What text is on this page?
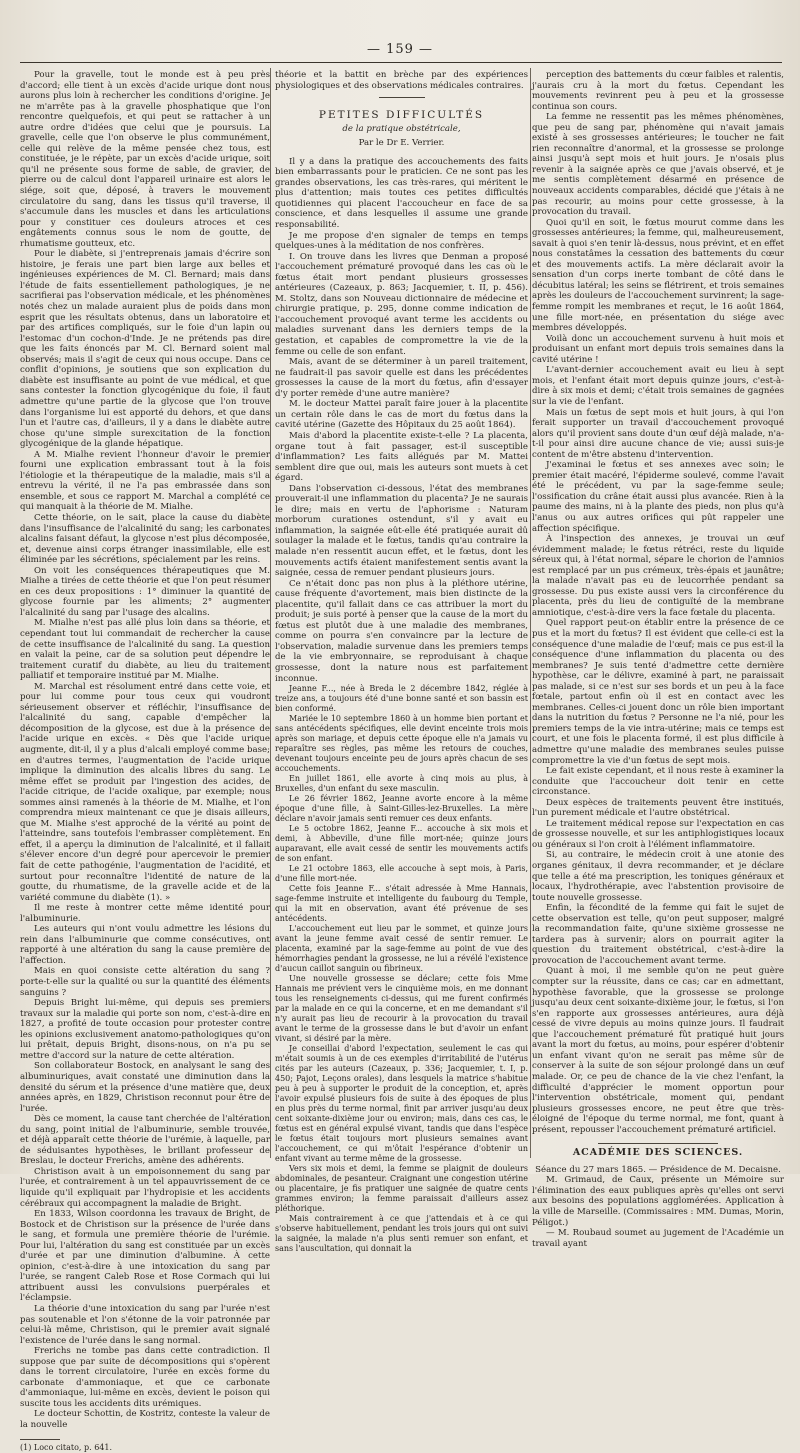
— 159 —

Pour la gravelle, tout le monde est à peu près d'accord; elle tient à un excès d'acide urique dont nous aurons plus loin à rechercher les conditions d'origine. Je ne m'arrête pas à la gravelle phosphatique que l'on rencontre quelquefois, et qui peut se rattacher à un autre ordre d'idées que celui que je poursuis. La gravelle, celle que l'on observe le plus communément, celle qui relève de la même pensée chez tous, est constituée, je le répète, par un excès d'acide urique, soit qu'il ne présente sous forme de sable, de gravier, de pierre ou de calcul dont l'appareil urinaire est alors le siége, soit que, déposé, à travers le mouvement circulatoire du sang, dans les tissus qu'il traverse, il s'accumule dans les muscles et dans les articulations pour y constituer ces douleurs atroces et ces engâtements connus sous le nom de goutte, de rhumatisme goutteux, etc.

Pour le diabète, si j'entreprenais jamais d'écrire son histoire, je ferais une part bien large aux belles et ingénieuses expériences de M. Cl. Bernard; mais dans l'étude de faits essentiellement pathologiques, je ne sacrifierai pas l'observation médicale, et les phénomènes notés chez un malade auraient plus de poids dans mon esprit que les résultats obtenus, dans un laboratoire et par des artifices compliqués, sur le foie d'un lapin ou l'estomac d'un cochon-d'Inde. Je ne prétends pas dire que les faits énoncés par M. Cl. Bernard soient mal observés; mais il s'agit de ceux qui nous occupe. Dans ce conflit d'opinions, je soutiens que son explication du diabète est insuffisante au point de vue médical, et que sans contester la fonction glycogénique du foie, il faut admettre qu'une partie de la glycose que l'on trouve dans l'organisme lui est apporté du dehors, et que dans l'un et l'autre cas, d'ailleurs, il y a dans le diabète autre chose qu'une simple surexcitation de la fonction glycogénique de la glande hépatique.

A M. Mialhe revient l'honneur d'avoir le premier fourni une explication embrassant tout à la fois l'étiologie et la thérapeutique de la maladie, mais s'il a entrevu la vérité, il ne l'a pas embrassée dans son ensemble, et sous ce rapport M. Marchal a complété ce qui manquait à la théorie de M. Mialhe.

Cette théorie, on le sait, place la cause du diabète dans l'insuffisance de l'alcalinité du sang; les carbonates alcalins faisant défaut, la glycose n'est plus décomposée, et, devenue ainsi corps étranger inassimilable, elle est éliminée par les sécrétions, spécialement par les reins.

On voit les conséquences thérapeutiques que M. Mialhe a tirées de cette théorie et que l'on peut résumer en ces deux propositions : 1° diminuer la quantité de glycose fournie par les aliments; 2° augmenter l'alcalinité du sang par l'usage des alcalins.

M. Mialhe n'est pas allé plus loin dans sa théorie, et cependant tout lui commandait de rechercher la cause de cette insuffisance de l'alcalinité du sang. La question en valait la peine, car de sa solution peut dépendre le traitement curatif du diabète, au lieu du traitement palliatif et temporaire institué par M. Mialhe.

M. Marchal est résolument entré dans cette voie, et pour lui comme pour tous ceux qui voudront sérieusement observer et réfléchir, l'insuffisance de l'alcalinité du sang, capable d'empêcher la décomposition de la glycose, est due à la présence de l'acide urique en excès. « Dès que l'acide urique augmente, dit-il, il y a plus d'alcali employé comme base; en d'autres termes, l'augmentation de l'acide urique implique la diminution des alcalis libres du sang. Le même effet se produit par l'ingestion des acides, de l'acide citrique, de l'acide oxalique, par exemple; nous sommes ainsi ramenés à la théorie de M. Mialhe, et l'on comprendra mieux maintenant ce que je disais ailleurs, que M. Mialhe s'est approché de la vérité au point de l'atteindre, sans toutefois l'embrasser complètement. En effet, il a aperçu la diminution de l'alcalinité, et il fallait s'élever encore d'un degré pour apercevoir le premier fait de cette pathogénie, l'augmentation de l'acidité, et surtout pour reconnaître l'identité de nature de la goutte, du rhumatisme, de la gravelle acide et de la variété commune du diabète (1). »

Il me reste à montrer cette même identité pour l'albuminurie.

Les auteurs qui n'ont voulu admettre les lésions du rein dans l'albuminurie que comme consécutives, ont rapporté à une altération du sang la cause première de l'affection.

Mais en quoi consiste cette altération du sang ? porte-t-elle sur la qualité ou sur la quantité des éléments sanguins ?

Depuis Bright lui-même, qui depuis ses premiers travaux sur la maladie qui porte son nom, c'est-à-dire en 1827, a profité de toute occasion pour protester contre les opinions exclusivement anatomo-pathologiques qu'on lui prêtait, depuis Bright, disons-nous, on n'a pu se mettre d'accord sur la nature de cette altération.

Son collaborateur Bostock, en analysant le sang des albuminuriques, avait constaté une diminution dans la densité du sérum et la présence d'une matière que, deux années après, en 1829, Christison reconnut pour être de l'urée.

Dès ce moment, la cause tant cherchée de l'altération du sang, point initial de l'albuminurie, semble trouvée, et déjà apparaît cette théorie de l'urémie, à laquelle, par de séduisantes hypothèses, le brillant professeur de Breslau, le docteur Frerichs, amène des adhérents.

Christison avait à un empoisonnement du sang par l'urée, et contrairement à un tel appauvrissement de ce liquide qu'il expliquait par l'hydropisie et les accidents cérébraux qui accompagnent la maladie de Bright.

En 1833, Wilson coordonna les travaux de Bright, de Bostock et de Christison sur la présence de l'urée dans le sang, et formula une première théorie de l'urémie. Pour lui, l'altération du sang est constituée par un excès d'urée et par une diminution d'albumine. À cette opinion, c'est-à-dire à une intoxication du sang par l'urée, se rangent Caleb Rose et Rose Cormach qui lui attribuent aussi les convulsions puerpérales et l'éclampsie.

La théorie d'une intoxication du sang par l'urée n'est pas soutenable et l'on s'étonne de la voir patronnée par celui-là même, Christison, qui le premier avait signalé l'existence de l'urée dans le sang normal.

Frerichs ne tombe pas dans cette contradiction. Il suppose que par suite de décompositions qui s'opèrent dans le torrent circulatoire, l'urée en excès forme du carbonate d'ammoniaque, et que ce carbonate d'ammoniaque, lui-même en excès, devient le poison qui suscite tous les accidents dits urémiques.

Le docteur Schottin, de Kostritz, conteste la valeur de la nouvelle

(1) Loco citato, p. 641.

théorie et la battit en brèche par des expériences physiologiques et des observations médicales contraires.

PETITES DIFFICULTÉS
de la pratique obstétricale,
Par le Dr E. Verrier.

Il y a dans la pratique des accouchements des faits bien embarrassants pour le praticien. Ce ne sont pas les grandes observations, les cas très-rares, qui méritent le plus d'attention; mais toutes ces petites difficultés quotidiennes qui placent l'accoucheur en face de sa conscience, et dans lesquelles il assume une grande responsabilité.

Je me propose d'en signaler de temps en temps quelques-unes à la méditation de nos confrères.

I. On trouve dans les livres que Denman a proposé l'accouchement prématuré provoqué dans les cas où le fœtus était mort pendant plusieurs grossesses antérieures (Cazeaux, p. 863; Jacquemier, t. II, p. 456). M. Stoltz, dans son Nouveau dictionnaire de médecine et chirurgie pratique, p. 295, donne comme indication de l'accouchement provoqué avant terme les accidents ou maladies survenant dans les derniers temps de la gestation, et capables de compromettre la vie de la femme ou celle de son enfant.

Mais, avant de se déterminer à un pareil traitement, ne faudrait-il pas savoir quelle est dans les précédentes grossesses la cause de la mort du fœtus, afin d'essayer d'y porter remède d'une autre manière?

M. le docteur Mattei paraît faire jouer à la placentite un certain rôle dans le cas de mort du fœtus dans la cavité utérine (Gazette des Hôpitaux du 25 août 1864).

Mais d'abord la placentite existe-t-elle ? La placenta, organe tout à fait passager, est-il susceptible d'inflammation? Les faits allégués par M. Mattei semblent dire que oui, mais les auteurs sont muets à cet égard.

Dans l'observation ci-dessous, l'état des membranes prouverait-il une inflammation du placenta? Je ne saurais le dire; mais en vertu de l'aphorisme : Naturam morborum curationes ostendunt, s'il y avait eu inflammation, la saignée eût-elle été pratiquée aurait dû soulager la malade et le fœtus, tandis qu'au contraire la malade n'en ressentit aucun effet, et le fœtus, dont les mouvements actifs étaient manifestement sentis avant la saignée, cessa de remuer pendant plusieurs jours.

Ce n'était donc pas non plus à la pléthore utérine, cause fréquente d'avortement, mais bien distincte de la placentite, qu'il fallait dans ce cas attribuer la mort du produit; je suis porté à penser que la cause de la mort du fœtus est plutôt due à une maladie des membranes, comme on pourra s'en convaincre par la lecture de l'observation, maladie survenue dans les premiers temps de la vie embryonnaire, se reproduisant à chaque grossesse, dont la nature nous est parfaitement inconnue.

Jeanne F..., née à Breda le 2 décembre 1842, réglée à treize ans, a toujours été d'une bonne santé et son bassin est bien conformé.

Mariée le 10 septembre 1860 à un homme bien portant et sans antécédents spécifiques, elle devint enceinte trois mois après son mariage, et depuis cette époque elle n'a jamais vu reparaître ses règles, pas même les retours de couches, devenant toujours enceinte peu de jours après chacun de ses accouchements.

En juillet 1861, elle avorte à cinq mois au plus, à Bruxelles, d'un enfant du sexe masculin.

Le 26 février 1862, Jeanne avorte encore à la même époque d'une fille, à Saint-Gilles-lez-Bruxelles. La mère déclare n'avoir jamais senti remuer ces deux enfants.

Le 5 octobre 1862, Jeanne F... accouche à six mois et demi, à Abbeville, d'une fille mort-née; quinze jours auparavant, elle avait cessé de sentir les mouvements actifs de son enfant.

Le 21 octobre 1863, elle accouche à sept mois, à Paris, d'une fille mort-née.

Cette fois Jeanne F... s'était adressée à Mme Hannais, sage-femme instruite et intelligente du faubourg du Temple, qui la mit en observation, avant été prévenue de ses antécédents.

L'accouchement eut lieu par le sommet, et quinze jours avant la jeune femme avait cessé de sentir remuer. Le placenta, examiné par la sage-femme au point de vue des hémorrhagies pendant la grossesse, ne lui a révélé l'existence d'aucun caillot sanguin ou fibrineux.

Une nouvelle grossesse se déclare; cette fois Mme Hannais me prévient vers le cinquième mois, en me donnant tous les renseignements ci-dessus, qui me furent confirmés par la malade en ce qui la concerne, et en me demandant s'il n'y aurait pas lieu de recourir à la provocation du travail avant le terme de la grossesse dans le but d'avoir un enfant vivant, si désiré par la mère.

Je conseillai d'abord l'expectation, seulement le cas qui m'était soumis à un de ces exemples d'irritabilité de l'utérus cités par les auteurs (Cazeaux, p. 336; Jacquemier, t. I, p. 450; Pajot, Leçons orales), dans lesquels la matrice s'habitue peu à peu à supporter le produit de la conception, et, après l'avoir expulsé plusieurs fois de suite à des époques de plus en plus près du terme normal, finit par arriver jusqu'au deux cent soixante-dixième jour ou environ; mais, dans ces cas, le fœtus est en général expulsé vivant, tandis que dans l'espèce le fœtus était toujours mort plusieurs semaines avant l'accouchement, ce qui m'ôtait l'espérance d'obtenir un enfant vivant au terme même de la grossesse.

Vers six mois et demi, la femme se plaignit de douleurs abdominales, de pesanteur. Craignant une congestion utérine ou placentaire, je fis pratiquer une saignée de quatre cents grammes environ; la femme paraissait d'ailleurs assez pléthorique.

Mais contrairement à ce que j'attendais et à ce qui s'observe habituellement, pendant les trois jours qui ont suivi la saignée, la malade n'a plus senti remuer son enfant, et sans l'auscultation, qui donnait la

perception des battements du cœur faibles et ralentis, j'aurais cru à la mort du fœtus. Cependant les mouvements revinrent peu à peu et la grossesse continua son cours.

La femme ne ressentit pas les mêmes phénomènes, que peu de sang par, phénomène qui n'avait jamais existé à ses grossesses antérieures; le toucher ne fait rien reconnaître d'anormal, et la grossesse se prolonge ainsi jusqu'à sept mois et huit jours. Je n'osais plus revenir à la saignée après ce que j'avais observé, et je me sentis complètement désarmé en présence de nouveaux accidents comparables, décidé que j'étais à ne pas recourir, au moins pour cette grossesse, à la provocation du travail.

Quoi qu'il en soit, le fœtus mourut comme dans les grossesses antérieures; la femme, qui, malheureusement, savait à quoi s'en tenir là-dessus, nous prévint, et en effet nous constatâmes la cessation des battements du cœur et des mouvements actifs. La mère déclarait avoir la sensation d'un corps inerte tombant de côté dans le décubitus latéral; les seins se flétrirent, et trois semaines après les douleurs de l'accouchement survinrent; la sage-femme rompit les membranes et reçut, le 16 août 1864, une fille mort-née, en présentation du siége avec membres développés.

Voilà donc un accouchement survenu à huit mois et produisant un enfant mort depuis trois semaines dans la cavité utérine !

L'avant-dernier accouchement avait eu lieu à sept mois, et l'enfant était mort depuis quinze jours, c'est-à-dire à six mois et demi; c'était trois semaines de gagnées sur la vie de l'enfant.

Mais un fœtus de sept mois et huit jours, à qui l'on ferait supporter un travail d'accouchement provoqué alors qu'il provient sans doute d'un œuf déjà malade, n'a-t-il pour ainsi dire aucune chance de vie; aussi suis-je content de m'être abstenu d'intervention.

J'examinai le fœtus et ses annexes avec soin; le premier était macéré, l'épiderme soulevé, comme l'avait été le précédent, vu par la sage-femme seule; l'ossification du crâne était aussi plus avancée. Rien à la paume des mains, ni à la plante des pieds, non plus qu'à l'anus ou aux autres orifices qui pût rappeler une affection spécifique.

À l'inspection des annexes, je trouvai un œuf évidemment malade; le fœtus rétréci, reste du liquide séreux qui, à l'état normal, sépare le chorion de l'amnios est remplacé par un pus crémeux, très-épais et jaunâtre; la malade n'avait pas eu de leucorrhée pendant sa grossesse. Du pus existe aussi vers la circonférence du placenta, près du lieu de contiguïté de la membrane amniotique, c'est-à-dire vers la face fœtale du placenta.

Quel rapport peut-on établir entre la présence de ce pus et la mort du fœtus? Il est évident que celle-ci est la conséquence d'une maladie de l'œuf; mais ce pus est-il la conséquence d'une inflammation du placenta ou des membranes? Je suis tenté d'admettre cette dernière hypothèse, car le délivre, examiné à part, ne paraissait pas malade, si ce n'est sur ses bords et un peu à la face fœtale, partout enfin où il est en contact avec les membranes. Celles-ci jouent donc un rôle bien important dans la nutrition du fœtus ? Personne ne l'a nié, pour les premiers temps de la vie intra-utérine; mais ce temps est court, et une fois le placenta formé, il est plus difficile à admettre qu'une maladie des membranes seules puisse compromettre la vie d'un fœtus de sept mois.

Le fait existe cependant, et il nous reste à examiner la conduite que l'accoucheur doit tenir en cette circonstance.

Deux espèces de traitements peuvent être institués, l'un purement médicale et l'autre obstétrical.

Le traitement médical repose sur l'expectation en cas de grossesse nouvelle, et sur les antiphlogistiques locaux ou généraux si l'on croit à l'élément inflammatoire.

Si, au contraire, le médecin croit à une atonie des organes génitaux, il devra recommander, et je déclare que telle a été ma prescription, les toniques généraux et locaux, l'hydrothérapie, avec l'abstention provisoire de toute nouvelle grossesse.

Enfin, la fécondité de la femme qui fait le sujet de cette observation est telle, qu'on peut supposer, malgré la recommandation faite, qu'une sixième grossesse ne tardera pas à survenir; alors on pourrait agiter la question du traitement obstétrical, c'est-à-dire la provocation de l'accouchement avant terme.

Quant à moi, il me semble qu'on ne peut guère compter sur la réussite, dans ce cas; car en admettant, hypothèse favorable, que la grossesse se prolonge jusqu'au deux cent soixante-dixième jour, le fœtus, si l'on s'en rapporte aux grossesses antérieures, aura déjà cessé de vivre depuis au moins quinze jours. Il faudrait que l'accouchement prématuré fût pratiqué huit jours avant la mort du fœtus, au moins, pour espérer d'obtenir un enfant vivant qu'on ne serait pas même sûr de conserver à la suite de son séjour prolongé dans un œuf malade. Or, ce peu de chance de la vie chez l'enfant, la difficulté d'apprécier le moment opportun pour l'intervention obstétricale, moment qui, pendant plusieurs grossesses encore, ne peut être que très-éloigné de l'époque du terme normal, me font, quant à présent, repousser l'accouchement prématuré artificiel.

ACADÉMIE DES SCIENCES.

Séance du 27 mars 1865. — Présidence de M. Decaisne.

M. Grimaud, de Caux, présente un Mémoire sur l'élimination des eaux publiques après qu'elles ont servi aux besoins des populations agglomérées. Application à la ville de Marseille. (Commissaires : MM. Dumas, Morin, Péligot.)

— M. Roubaud soumet au jugement de l'Académie un travail ayant
